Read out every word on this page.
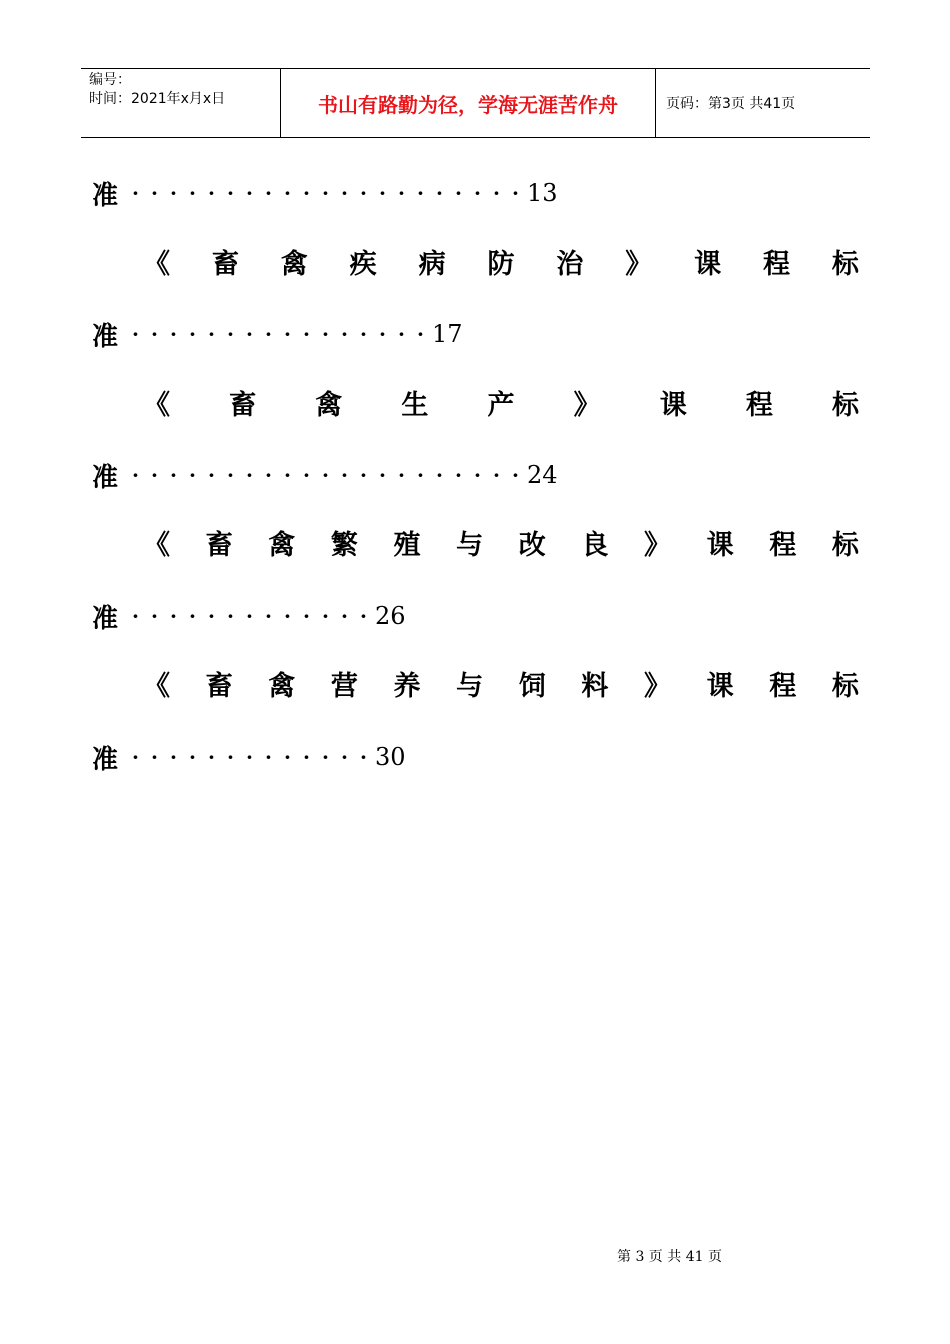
编号：
时间：2021年x月x日	书山有路勤为径，学海无涯苦作舟	页码：第3页 共41页
准 · · · · · · · · · · · · · · · · · · · · · 13
《 畜 禽 疾 病 防 治 》 课 程 标
准 · · · · · · · · · · · · · · · · 17
《 畜 禽 生 产 》 课 程 标
准 · · · · · · · · · · · · · · · · · · · · · 24
《 畜 禽 繁 殖 与 改 良 》 课 程 标
准 · · · · · · · · · · · · · 26
《 畜 禽 营 养 与 饲 料 》 课 程 标
准 · · · · · · · · · · · · · 30
第 3 页 共 41 页
